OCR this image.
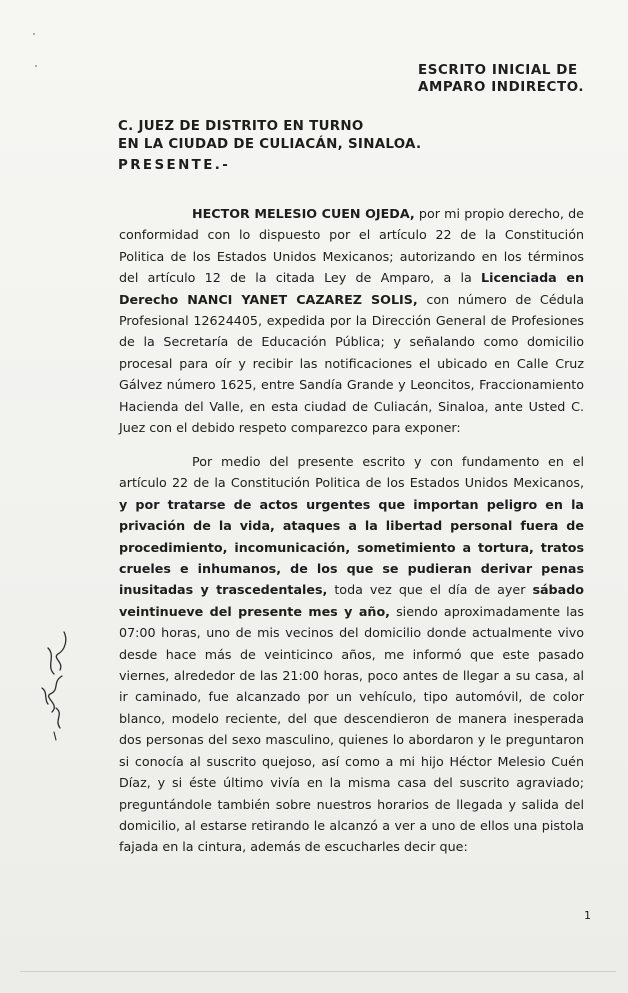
ESCRITO INICIAL DE
AMPARO INDIRECTO.
C. JUEZ DE DISTRITO EN TURNO
EN LA CIUDAD DE CULIACÁN, SINALOA.
PRESENTE.-
HECTOR MELESIO CUEN OJEDA, por mi propio derecho, de conformidad con lo dispuesto por el artículo 22 de la Constitución Politica de los Estados Unidos Mexicanos; autorizando en los términos del artículo 12 de la citada Ley de Amparo, a la Licenciada en Derecho NANCI YANET CAZAREZ SOLIS, con número de Cédula Profesional 12624405, expedida por la Dirección General de Profesiones de la Secretaría de Educación Pública; y señalando como domicilio procesal para oír y recibir las notificaciones el ubicado en Calle Cruz Gálvez número 1625, entre Sandía Grande y Leoncitos, Fraccionamiento Hacienda del Valle, en esta ciudad de Culiacán, Sinaloa, ante Usted C. Juez con el debido respeto comparezco para exponer:
Por medio del presente escrito y con fundamento en el artículo 22 de la Constitución Politica de los Estados Unidos Mexicanos, y por tratarse de actos urgentes que importan peligro en la privación de la vida, ataques a la libertad personal fuera de procedimiento, incomunicación, sometimiento a tortura, tratos crueles e inhumanos, de los que se pudieran derivar penas inusitadas y trascedentales, toda vez que el día de ayer sábado veintinueve del presente mes y año, siendo aproximadamente las 07:00 horas, uno de mis vecinos del domicilio donde actualmente vivo desde hace más de veinticinco años, me informó que este pasado viernes, alrededor de las 21:00 horas, poco antes de llegar a su casa, al ir caminado, fue alcanzado por un vehículo, tipo automóvil, de color blanco, modelo reciente, del que descendieron de manera inesperada dos personas del sexo masculino, quienes lo abordaron y le preguntaron si conocía al suscrito quejoso, así como a mi hijo Héctor Melesio Cuén Díaz, y si éste último vivía en la misma casa del suscrito agraviado; preguntándole también sobre nuestros horarios de llegada y salida del domicilio, al estarse retirando le alcanzó a ver a uno de ellos una pistola fajada en la cintura, además de escucharles decir que:
1
